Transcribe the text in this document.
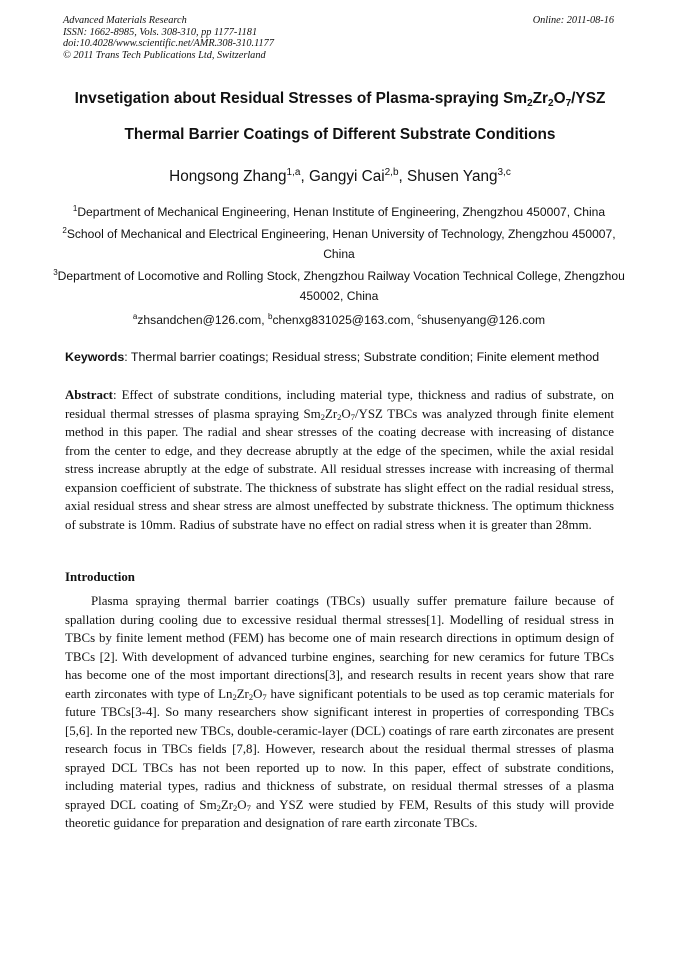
Advanced Materials Research
ISSN: 1662-8985, Vols. 308-310, pp 1177-1181
doi:10.4028/www.scientific.net/AMR.308-310.1177
© 2011 Trans Tech Publications Ltd, Switzerland
Online: 2011-08-16
Invsetigation about Residual Stresses of Plasma-spraying $Sm_2Zr_2O_7$/YSZ
Thermal Barrier Coatings of Different Substrate Conditions
Hongsong Zhang$^{1,a}$, Gangyi Cai$^{2,b}$, Shusen Yang$^{3,c}$
$^1$Department of Mechanical Engineering, Henan Institute of Engineering, Zhengzhou 450007, China
$^2$School of Mechanical and Electrical Engineering, Henan University of Technology, Zhengzhou 450007, China
$^3$Department of Locomotive and Rolling Stock, Zhengzhou Railway Vocation Technical College, Zhengzhou 450002, China
$^a$zhsandchen@126.com, $^b$chenxg831025@163.com, $^c$shusenyang@126.com
Keywords: Thermal barrier coatings; Residual stress; Substrate condition; Finite element method
Abstract: Effect of substrate conditions, including material type, thickness and radius of substrate, on residual thermal stresses of plasma spraying $Sm_2Zr_2O_7$/YSZ TBCs was analyzed through finite element method in this paper. The radial and shear stresses of the coating decrease with increasing of distance from the center to edge, and they decrease abruptly at the edge of the specimen, while the axial residal stress increase abruptly at the edge of substrate. All residual stresses increase with increasing of thermal expansion coefficient of substrate. The thickness of substrate has slight effect on the radial residual stress, axial residual stress and shear stress are almost uneffected by substrate thickness. The optimum thickness of substrate is 10mm. Radius of substrate have no effect on radial stress when it is greater than 28mm.
Introduction
Plasma spraying thermal barrier coatings (TBCs) usually suffer premature failure because of spallation during cooling due to excessive residual thermal stresses[1]. Modelling of residual stress in TBCs by finite lement method (FEM) has become one of main research directions in optimum design of TBCs [2]. With development of advanced turbine engines, searching for new ceramics for future TBCs has become one of the most important directions[3], and research results in recent years show that rare earth zirconates with type of $Ln_2Zr_2O_7$ have significant potentials to be used as top ceramic materials for future TBCs[3-4]. So many researchers show significant interest in properties of corresponding TBCs [5,6]. In the reported new TBCs, double-ceramic-layer (DCL) coatings of rare earth zirconates are present research focus in TBCs fields [7,8]. However, research about the residual thermal stresses of plasma sprayed DCL TBCs has not been reported up to now. In this paper, effect of substrate conditions, including material types, radius and thickness of substrate, on residual thermal stresses of a plasma sprayed DCL coating of $Sm_2Zr_2O_7$ and YSZ were studied by FEM, Results of this study will provide theoretic guidance for preparation and designation of rare earth zirconate TBCs.
